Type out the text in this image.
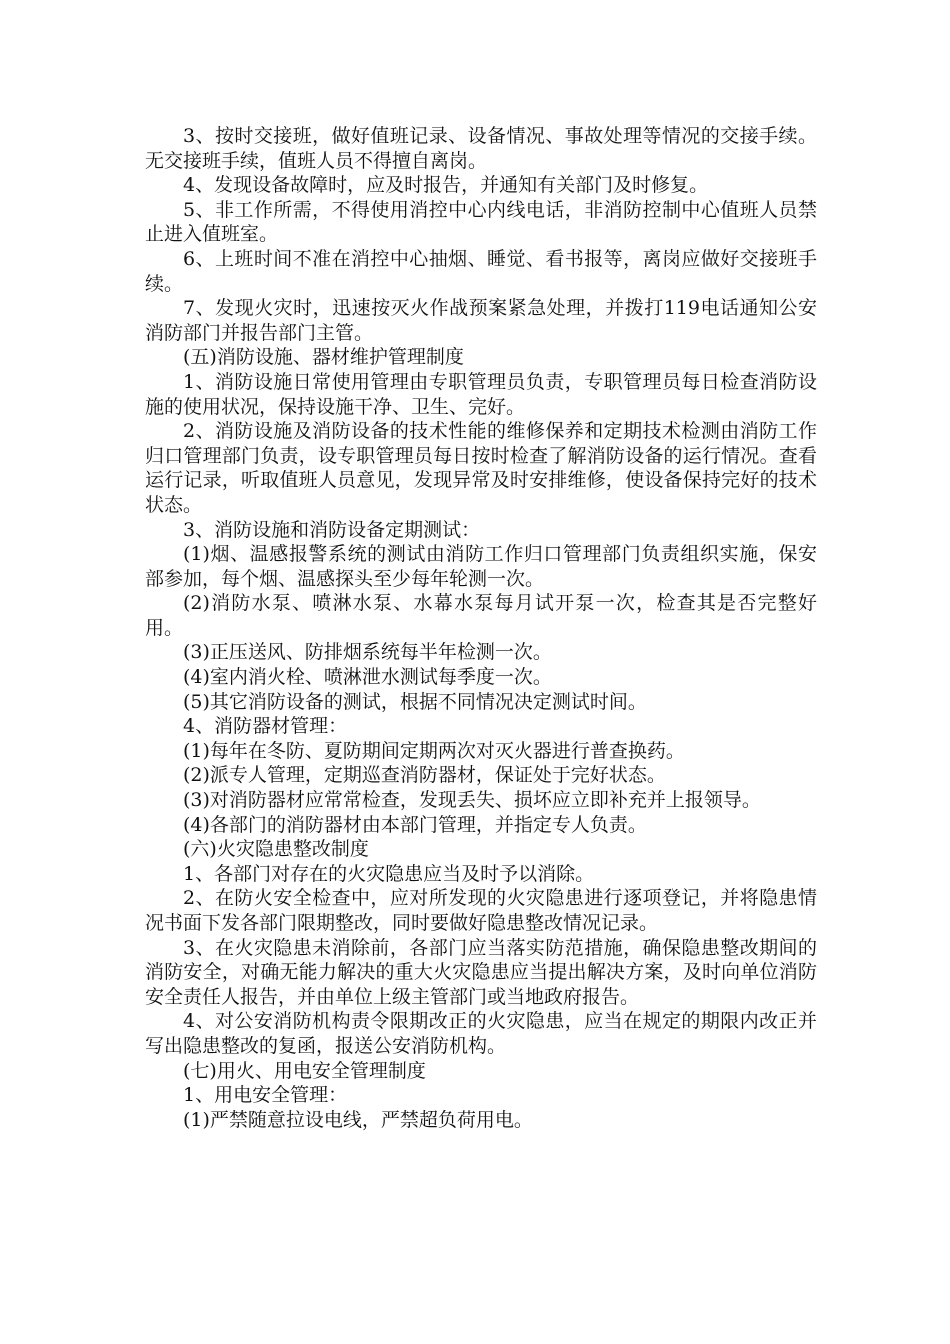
3、按时交接班，做好值班记录、设备情况、事故处理等情况的交接手续。无交接班手续，值班人员不得擅自离岗。

4、发现设备故障时，应及时报告，并通知有关部门及时修复。

5、非工作所需，不得使用消控中心内线电话，非消防控制中心值班人员禁止进入值班室。

6、上班时间不准在消控中心抽烟、睡觉、看书报等，离岗应做好交接班手续。

7、发现火灾时，迅速按灭火作战预案紧急处理，并拨打119电话通知公安消防部门并报告部门主管。

(五)消防设施、器材维护管理制度

1、消防设施日常使用管理由专职管理员负责，专职管理员每日检查消防设施的使用状况，保持设施干净、卫生、完好。

2、消防设施及消防设备的技术性能的维修保养和定期技术检测由消防工作归口管理部门负责，设专职管理员每日按时检查了解消防设备的运行情况。查看运行记录，听取值班人员意见，发现异常及时安排维修，使设备保持完好的技术状态。

3、消防设施和消防设备定期测试：

(1)烟、温感报警系统的测试由消防工作归口管理部门负责组织实施，保安部参加，每个烟、温感探头至少每年轮测一次。

(2)消防水泵、喷淋水泵、水幕水泵每月试开泵一次，检查其是否完整好用。

(3)正压送风、防排烟系统每半年检测一次。

(4)室内消火栓、喷淋泄水测试每季度一次。

(5)其它消防设备的测试，根据不同情况决定测试时间。

4、消防器材管理：

(1)每年在冬防、夏防期间定期两次对灭火器进行普查换药。

(2)派专人管理，定期巡查消防器材，保证处于完好状态。

(3)对消防器材应常常检查，发现丢失、损坏应立即补充并上报领导。

(4)各部门的消防器材由本部门管理，并指定专人负责。

(六)火灾隐患整改制度

1、各部门对存在的火灾隐患应当及时予以消除。

2、在防火安全检查中，应对所发现的火灾隐患进行逐项登记，并将隐患情况书面下发各部门限期整改，同时要做好隐患整改情况记录。

3、在火灾隐患未消除前，各部门应当落实防范措施，确保隐患整改期间的消防安全，对确无能力解决的重大火灾隐患应当提出解决方案，及时向单位消防安全责任人报告，并由单位上级主管部门或当地政府报告。

4、对公安消防机构责令限期改正的火灾隐患，应当在规定的期限内改正并写出隐患整改的复函，报送公安消防机构。

(七)用火、用电安全管理制度

1、用电安全管理：

(1)严禁随意拉设电线，严禁超负荷用电。
